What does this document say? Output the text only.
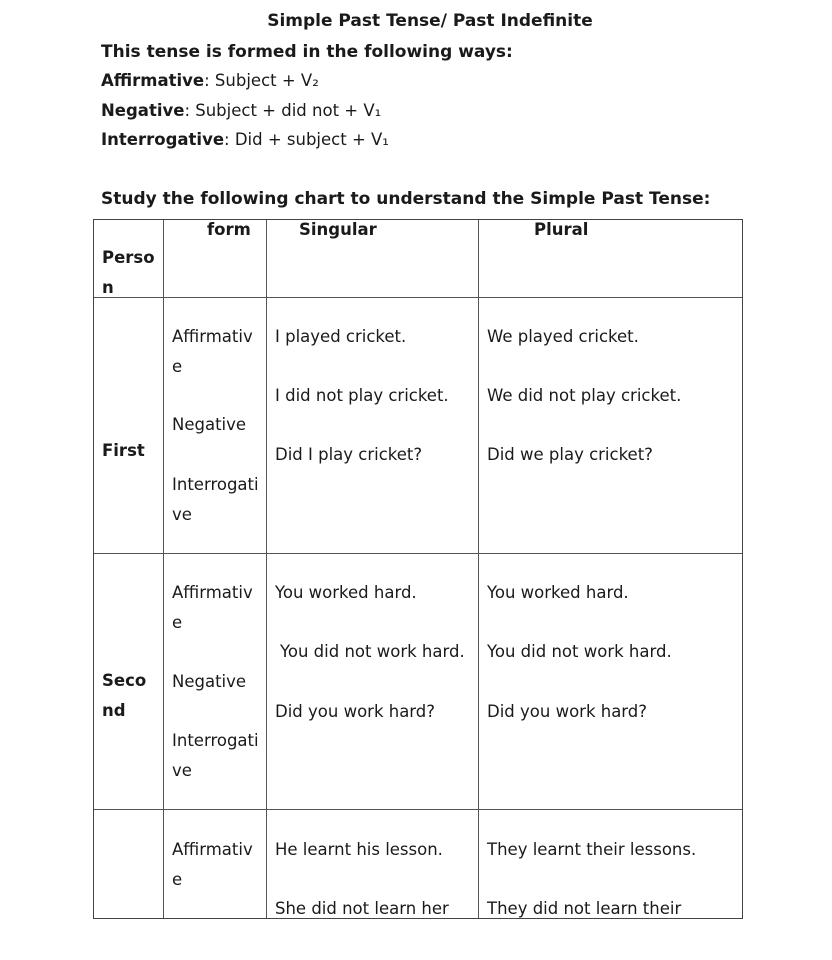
Simple Past Tense/ Past Indefinite
This tense is formed in the following ways:
Affirmative: Subject + V₂
Negative: Subject + did not + V₁
Interrogative: Did + subject + V₁
Study the following chart to understand the Simple Past Tense:
Person
form	Singular	Plural
First
Affirmative
Negative
Interrogative
I played cricket.
I did not play cricket.
Did I play cricket?
We played cricket.
We did not play cricket.
Did we play cricket?
Second
Affirmative
Negative
Interrogative
You worked hard.
You did not work hard.
Did you work hard?
You worked hard.
You did not work hard.
Did you work hard?
Affirmative
He learnt his lesson.
She did not learn her
They learnt their lessons.
They did not learn their
